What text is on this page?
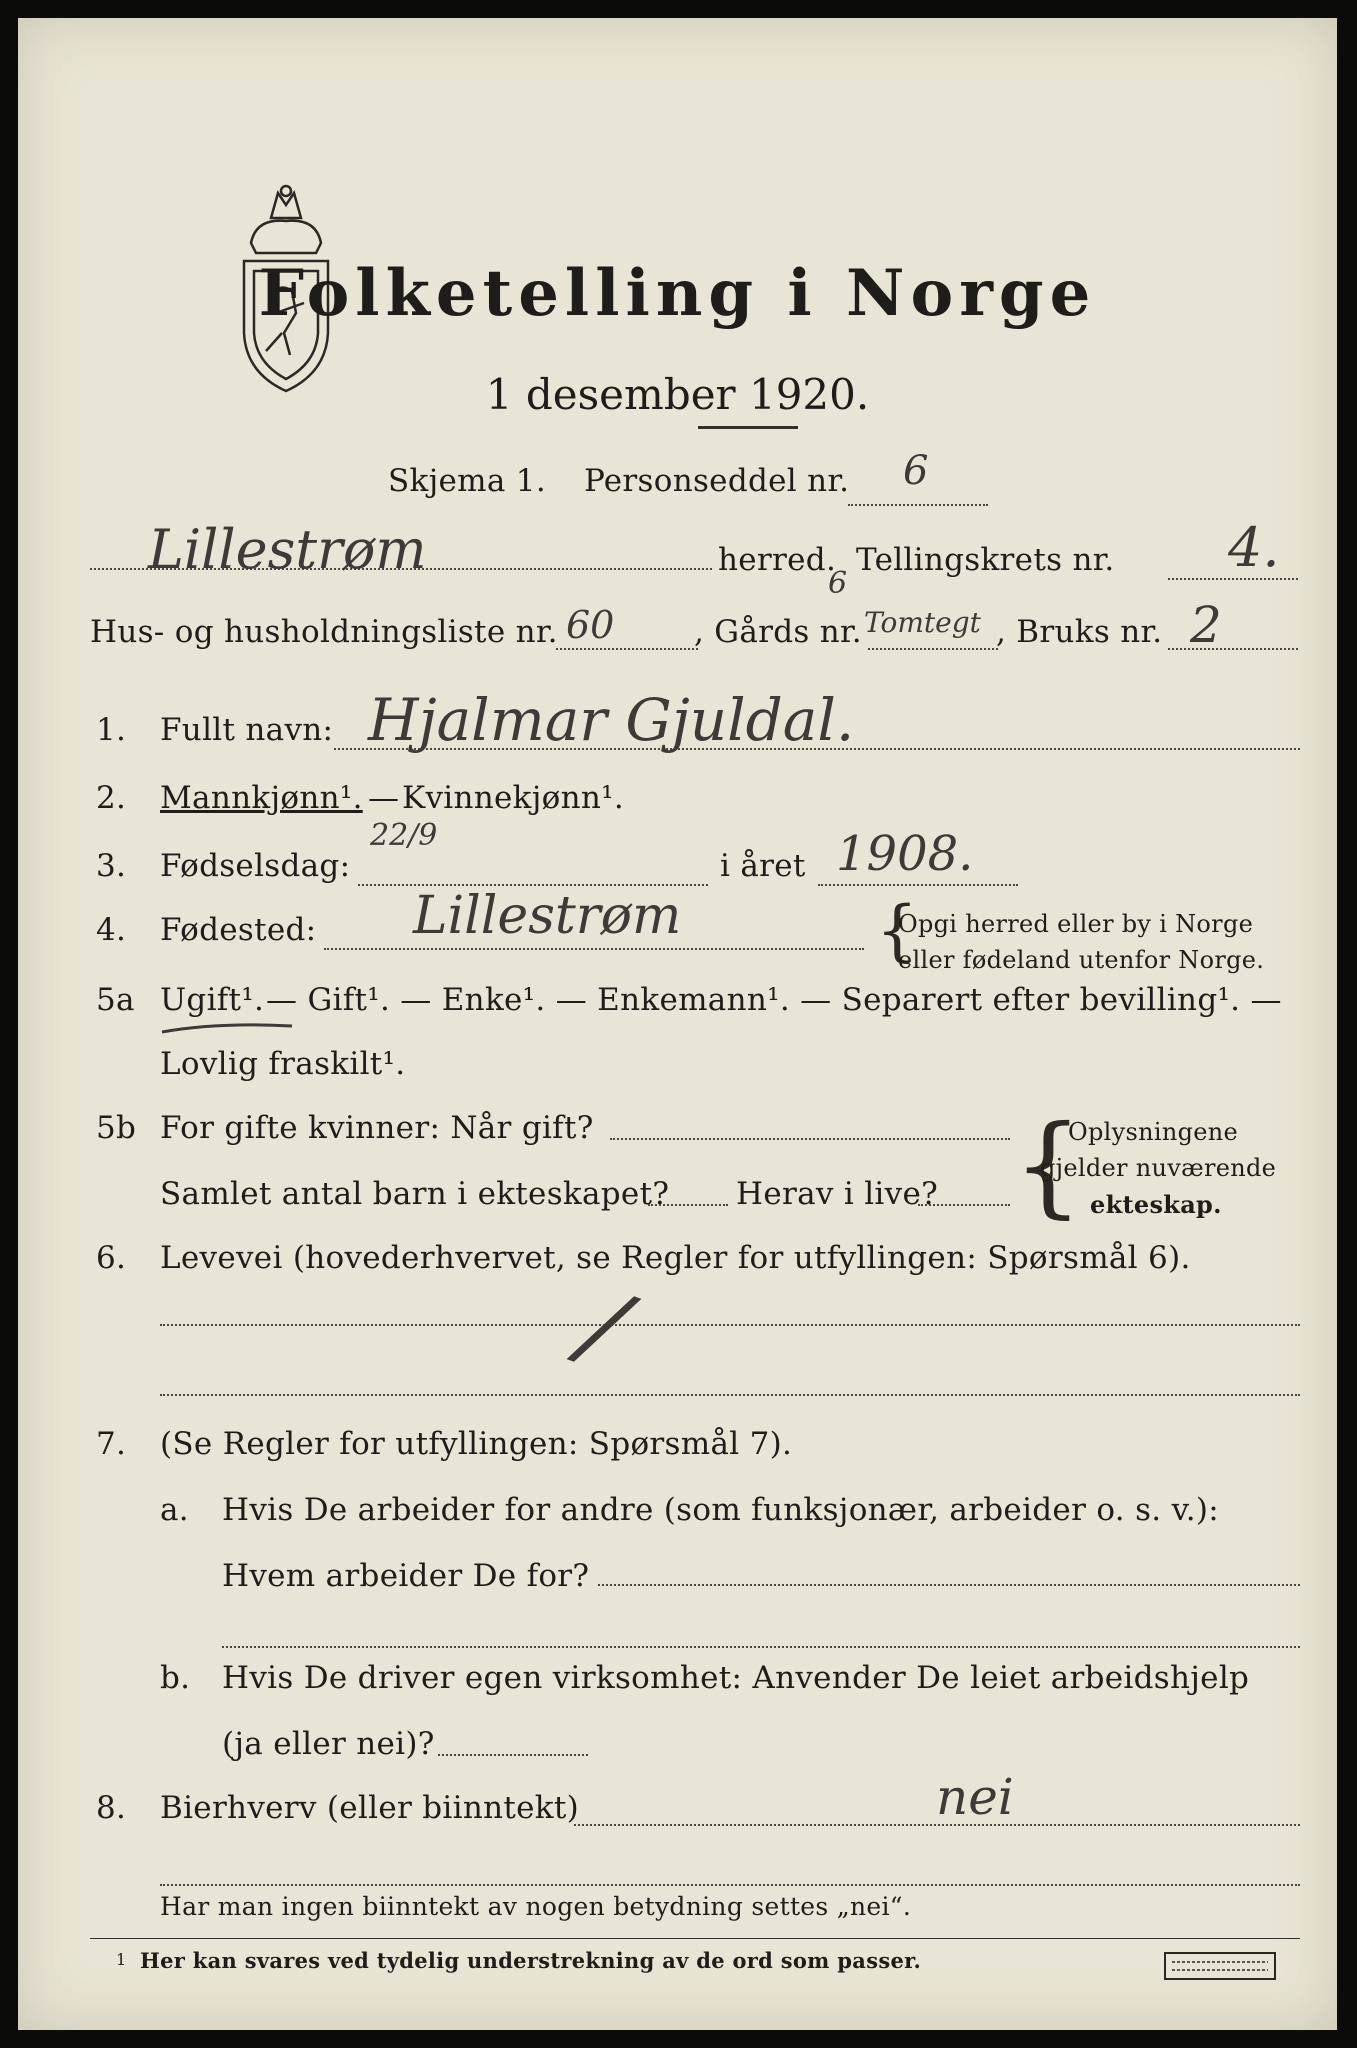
Folketelling i Norge
1 desember 1920.
Skjema 1. Personseddel nr. 6
Lillestrøm	herred. Tellingskrets nr. 4.
Hus- og husholdningsliste nr. 60	, Gårds nr.
6
Tomtegt , Bruks nr. 2
1. Fullt navn: Hjalmar Gjuldal.
2. Mannkjønn¹. — Kvinnekjønn¹.
3. Fødselsdag:
22/9
i året 1908.
4. Fødested: Lillestrøm	{
Opgi herred eller by i Norge
eller fødeland utenfor Norge.
5a Ugift¹. — Gift¹. — Enke¹. — Enkemann¹. — Separert efter bevilling¹. —
Lovlig fraskilt¹.
5b For gifte kvinner: Når gift?
Samlet antal barn i ekteskapet? Herav i live? {
Oplysningene
gjelder nuværende
ekteskap.
6. Levevei (hovederhvervet, se Regler for utfyllingen: Spørsmål 6).
/
7. (Se Regler for utfyllingen: Spørsmål 7).
a. Hvis De arbeider for andre (som funksjonær, arbeider o. s. v.):
Hvem arbeider De for?
b. Hvis De driver egen virksomhet: Anvender De leiet arbeidshjelp
(ja eller nei)?
8. Bierhverv (eller biinntekt)	nei
Har man ingen biinntekt av nogen betydning settes „nei“.
1 Her kan svares ved tydelig understrekning av de ord som passer.
